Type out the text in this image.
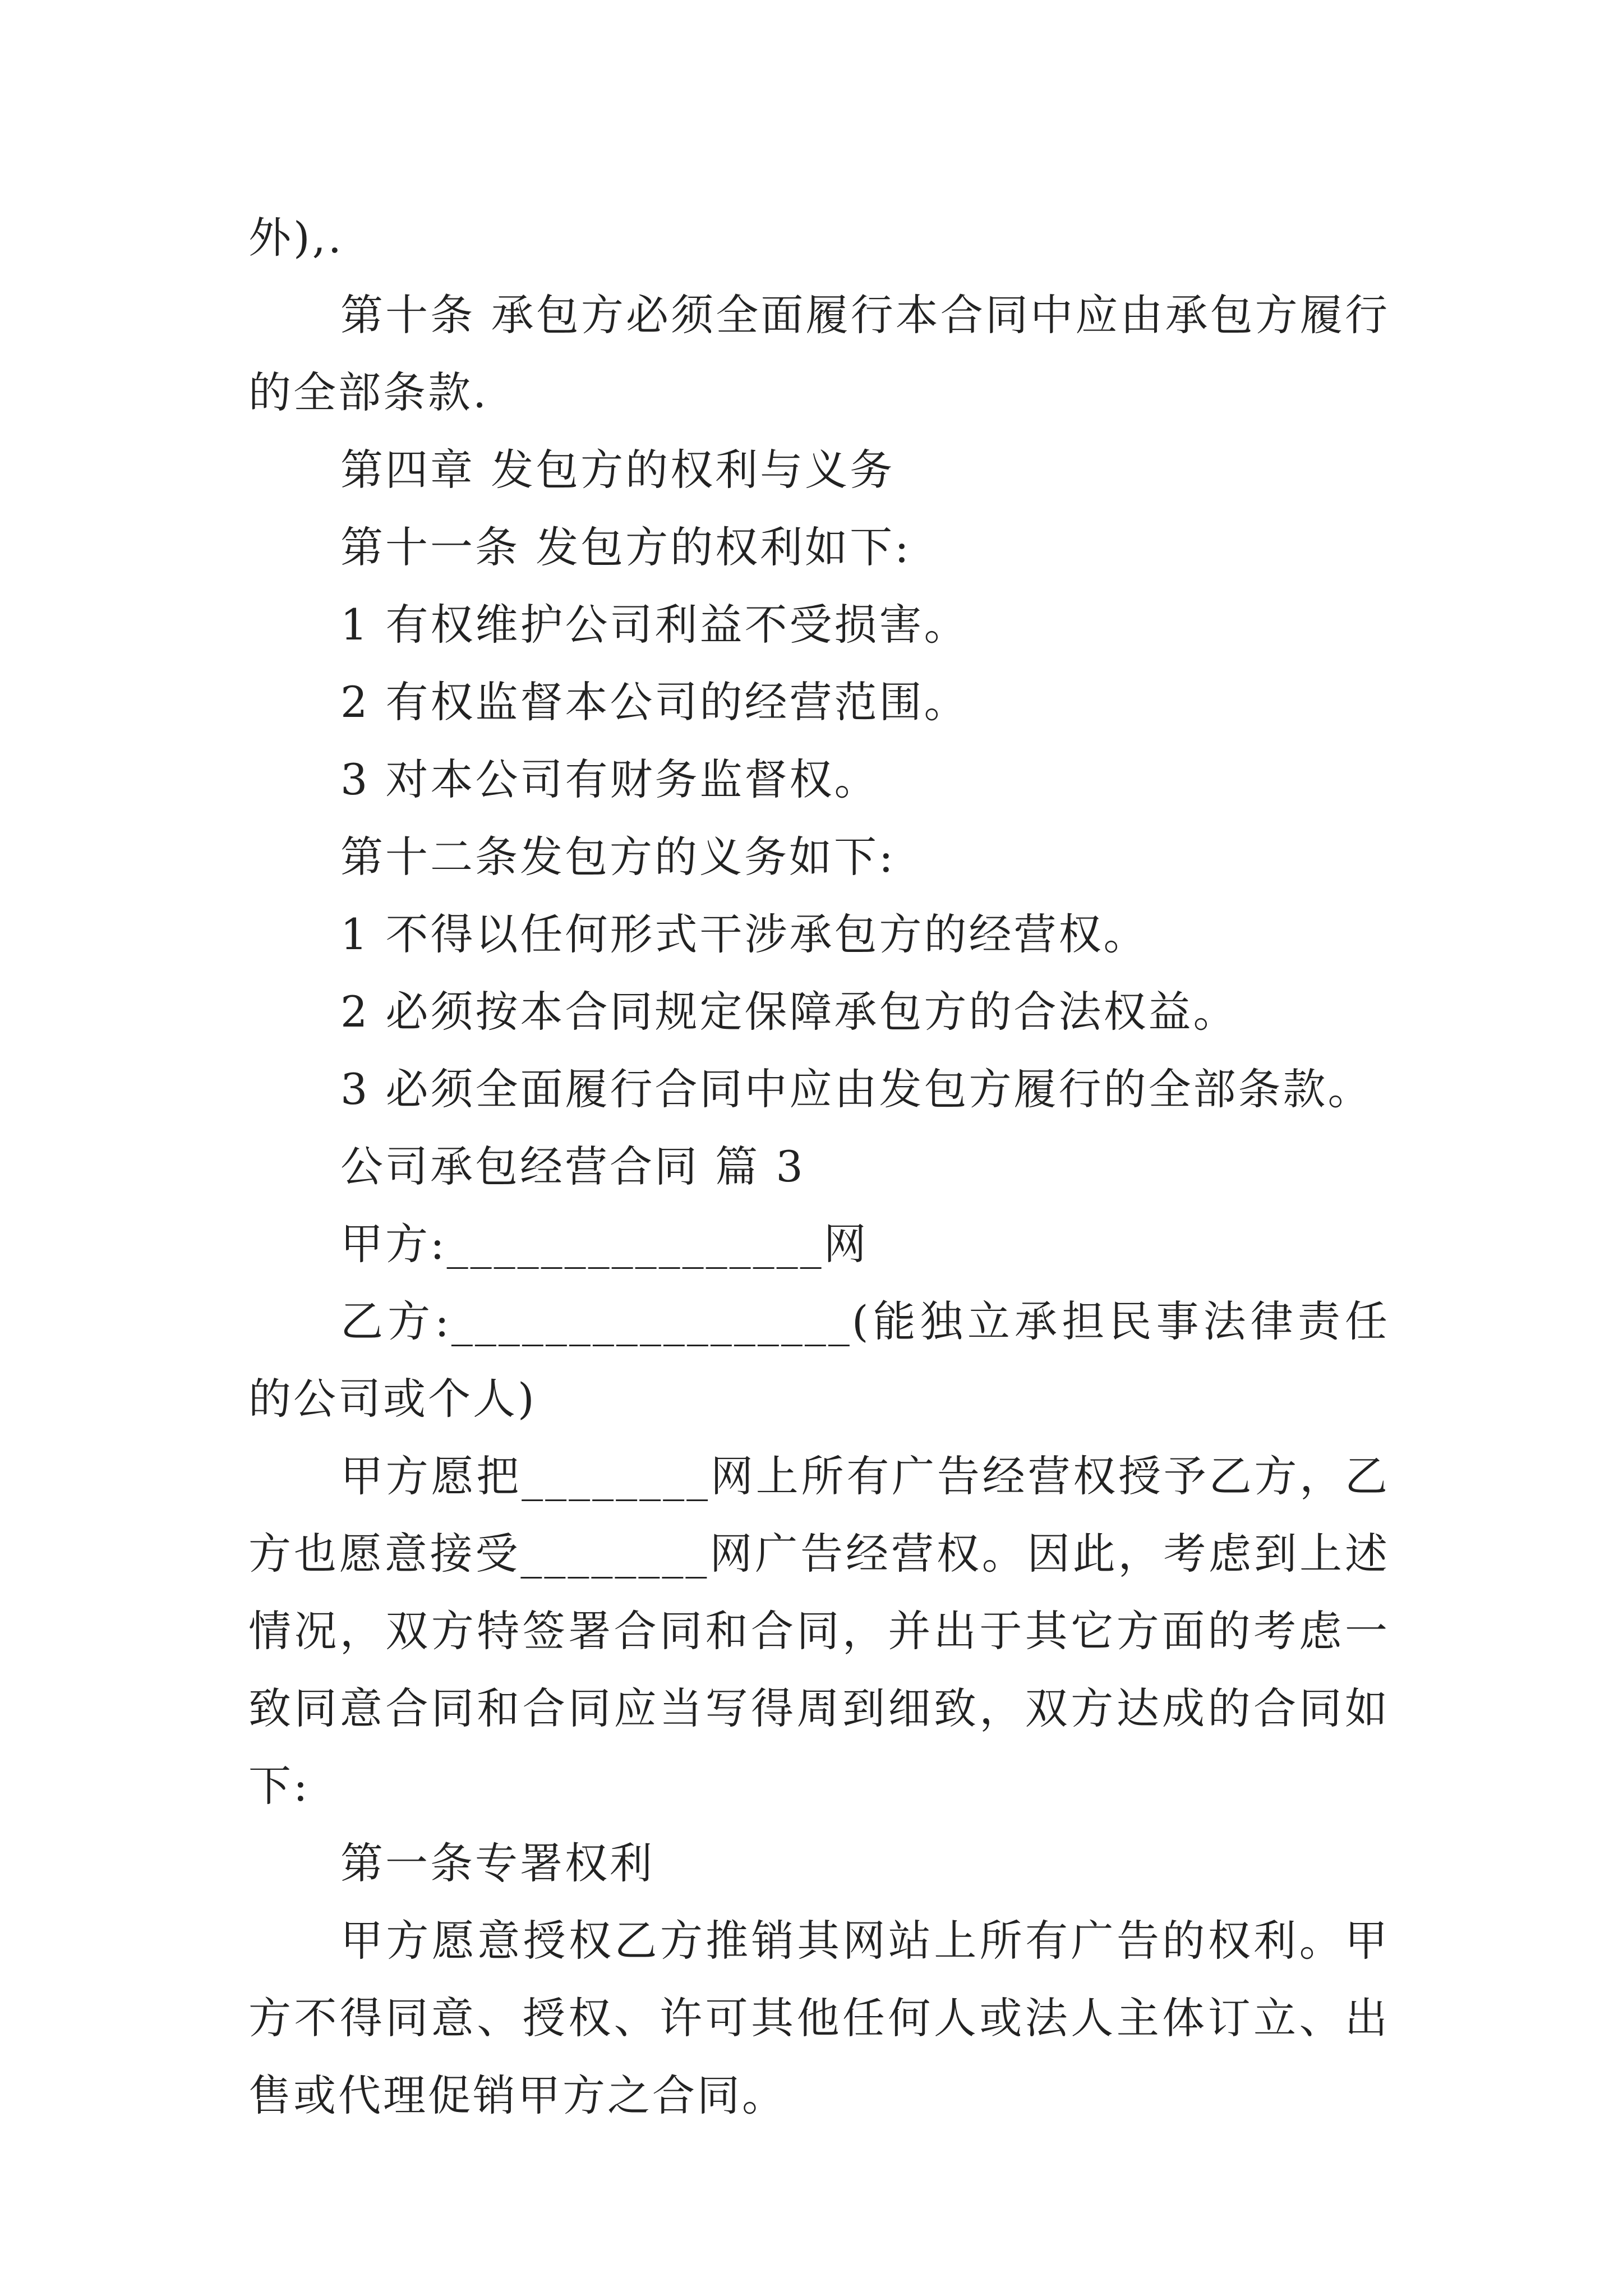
外),.

第十条 承包方必须全面履行本合同中应由承包方履行的全部条款.

第四章 发包方的权利与义务

第十一条 发包方的权利如下:

1 有权维护公司利益不受损害。

2 有权监督本公司的经营范围。

3 对本公司有财务监督权。

第十二条发包方的义务如下:

1 不得以任何形式干涉承包方的经营权。

2 必须按本合同规定保障承包方的合法权益。

3 必须全面履行合同中应由发包方履行的全部条款。

公司承包经营合同 篇 3

甲方:________________网

乙方:_________________(能独立承担民事法律责任的公司或个人)

甲方愿把________网上所有广告经营权授予乙方，乙方也愿意接受________网广告经营权。因此，考虑到上述情况，双方特签署合同和合同，并出于其它方面的考虑一致同意合同和合同应当写得周到细致，双方达成的合同如下:

第一条专署权利

甲方愿意授权乙方推销其网站上所有广告的权利。甲方不得同意、授权、许可其他任何人或法人主体订立、出售或代理促销甲方之合同。
